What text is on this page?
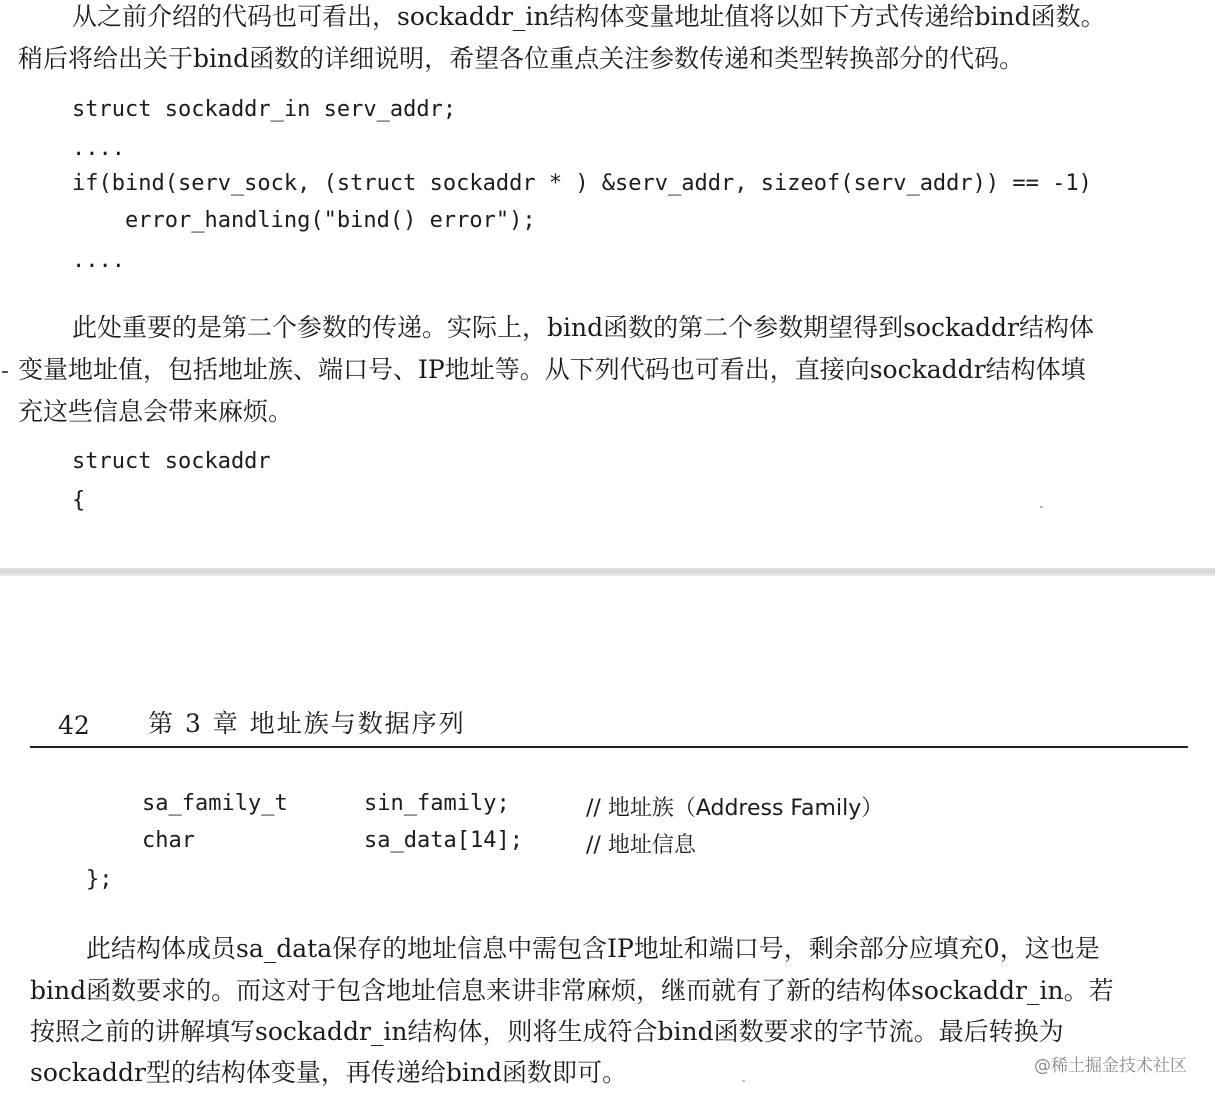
从之前介绍的代码也可看出，sockaddr_in结构体变量地址值将以如下方式传递给bind函数。

稍后将给出关于bind函数的详细说明，希望各位重点关注参数传递和类型转换部分的代码。

struct sockaddr_in serv_addr;
....
if(bind(serv_sock, (struct sockaddr * ) &serv_addr, sizeof(serv_addr)) == -1)
error_handling("bind() error");
....

此处重要的是第二个参数的传递。实际上，bind函数的第二个参数期望得到sockaddr结构体

变量地址值，包括地址族、端口号、IP地址等。从下列代码也可看出，直接向sockaddr结构体填

充这些信息会带来麻烦。

struct sockaddr
{
42 第 3 章 地址族与数据序列
sa_family_t	sin_family;	// 地址族（Address Family）
char	sa_data[14];	// 地址信息
};

此结构体成员sa_data保存的地址信息中需包含IP地址和端口号，剩余部分应填充0，这也是

bind函数要求的。而这对于包含地址信息来讲非常麻烦，继而就有了新的结构体sockaddr_in。若

按照之前的讲解填写sockaddr_in结构体，则将生成符合bind函数要求的字节流。最后转换为

sockaddr型的结构体变量，再传递给bind函数即可。	@稀土掘金技术社区
